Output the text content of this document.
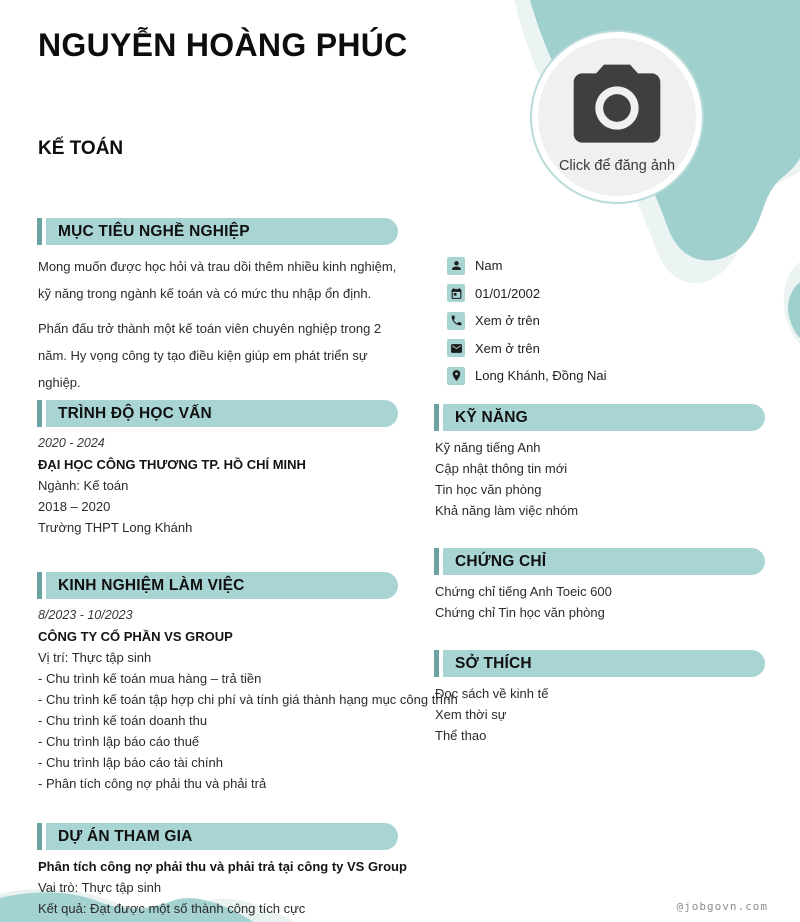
Click để đăng ảnh
NGUYỄN HOÀNG PHÚC
KẾ TOÁN
MỤC TIÊU NGHỀ NGHIỆP

Mong muốn được học hỏi và trau dồi thêm nhiều kinh nghiệm, kỹ năng trong ngành kế toán và có mức thu nhập ổn định.

Phấn đấu trở thành một kế toán viên chuyên nghiệp trong 2 năm. Hy vọng công ty tạo điều kiện giúp em phát triển sự nghiệp.

TRÌNH ĐỘ HỌC VẤN
2020 - 2024
ĐẠI HỌC CÔNG THƯƠNG TP. HỒ CHÍ MINH
Ngành: Kế toán
2018 – 2020
Trường THPT Long Khánh
KINH NGHIỆM LÀM VIỆC
8/2023 - 10/2023
CÔNG TY CỔ PHẦN VS GROUP
Vị trí: Thực tập sinh
- Chu trình kế toán mua hàng – trả tiền
- Chu trình kế toán tập hợp chi phí và tính giá thành hạng mục công trình
- Chu trình kế toán doanh thu
- Chu trình lập báo cáo thuế
- Chu trình lập báo cáo tài chính
- Phân tích công nợ phải thu và phải trả
DỰ ÁN THAM GIA
Phân tích công nợ phải thu và phải trả tại công ty VS Group
Vai trò: Thực tập sinh
Kết quả: Đạt được một số thành công tích cực
Nam
01/01/2002
Xem ở trên
Xem ở trên
Long Khánh, Đồng Nai
KỸ NĂNG
Kỹ năng tiếng Anh
Cập nhật thông tin mới
Tin học văn phòng
Khả năng làm việc nhóm
CHỨNG CHỈ
Chứng chỉ tiếng Anh Toeic 600
Chứng chỉ Tin học văn phòng
SỞ THÍCH
Đọc sách về kinh tế
Xem thời sự
Thể thao
@jobgovn.com
